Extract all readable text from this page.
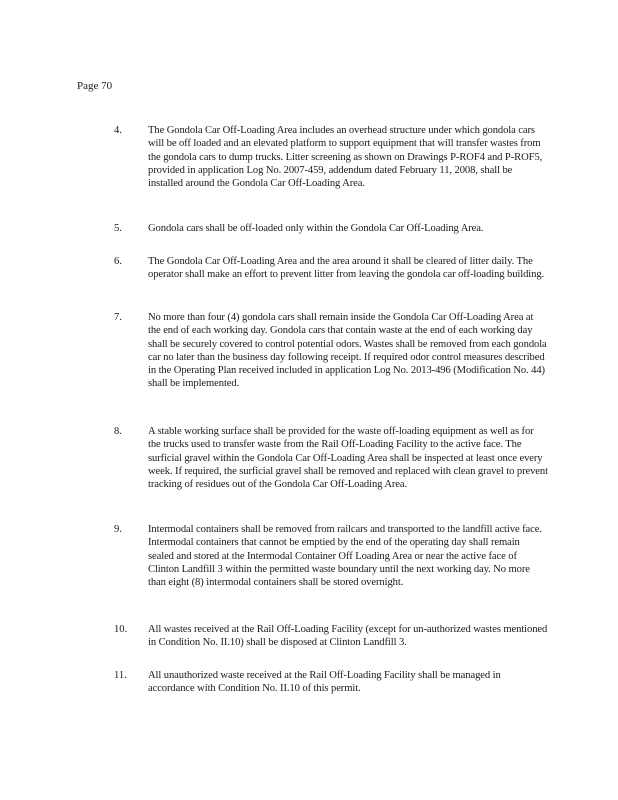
Page 70
4. The Gondola Car Off-Loading Area includes an overhead structure under which gondola cars will be off loaded and an elevated platform to support equipment that will transfer wastes from the gondola cars to dump trucks. Litter screening as shown on Drawings P-ROF4 and P-ROF5, provided in application Log No. 2007-459, addendum dated February 11, 2008, shall be installed around the Gondola Car Off-Loading Area.
5. Gondola cars shall be off-loaded only within the Gondola Car Off-Loading Area.
6. The Gondola Car Off-Loading Area and the area around it shall be cleared of litter daily. The operator shall make an effort to prevent litter from leaving the gondola car off-loading building.
7. No more than four (4) gondola cars shall remain inside the Gondola Car Off-Loading Area at the end of each working day. Gondola cars that contain waste at the end of each working day shall be securely covered to control potential odors. Wastes shall be removed from each gondola car no later than the business day following receipt. If required odor control measures described in the Operating Plan received included in application Log No. 2013-496 (Modification No. 44) shall be implemented.
8. A stable working surface shall be provided for the waste off-loading equipment as well as for the trucks used to transfer waste from the Rail Off-Loading Facility to the active face. The surficial gravel within the Gondola Car Off-Loading Area shall be inspected at least once every week. If required, the surficial gravel shall be removed and replaced with clean gravel to prevent tracking of residues out of the Gondola Car Off-Loading Area.
9. Intermodal containers shall be removed from railcars and transported to the landfill active face. Intermodal containers that cannot be emptied by the end of the operating day shall remain sealed and stored at the Intermodal Container Off Loading Area or near the active face of Clinton Landfill 3 within the permitted waste boundary until the next working day. No more than eight (8) intermodal containers shall be stored overnight.
10. All wastes received at the Rail Off-Loading Facility (except for un-authorized wastes mentioned in Condition No. II.10) shall be disposed at Clinton Landfill 3.
11. All unauthorized waste received at the Rail Off-Loading Facility shall be managed in accordance with Condition No. II.10 of this permit.
